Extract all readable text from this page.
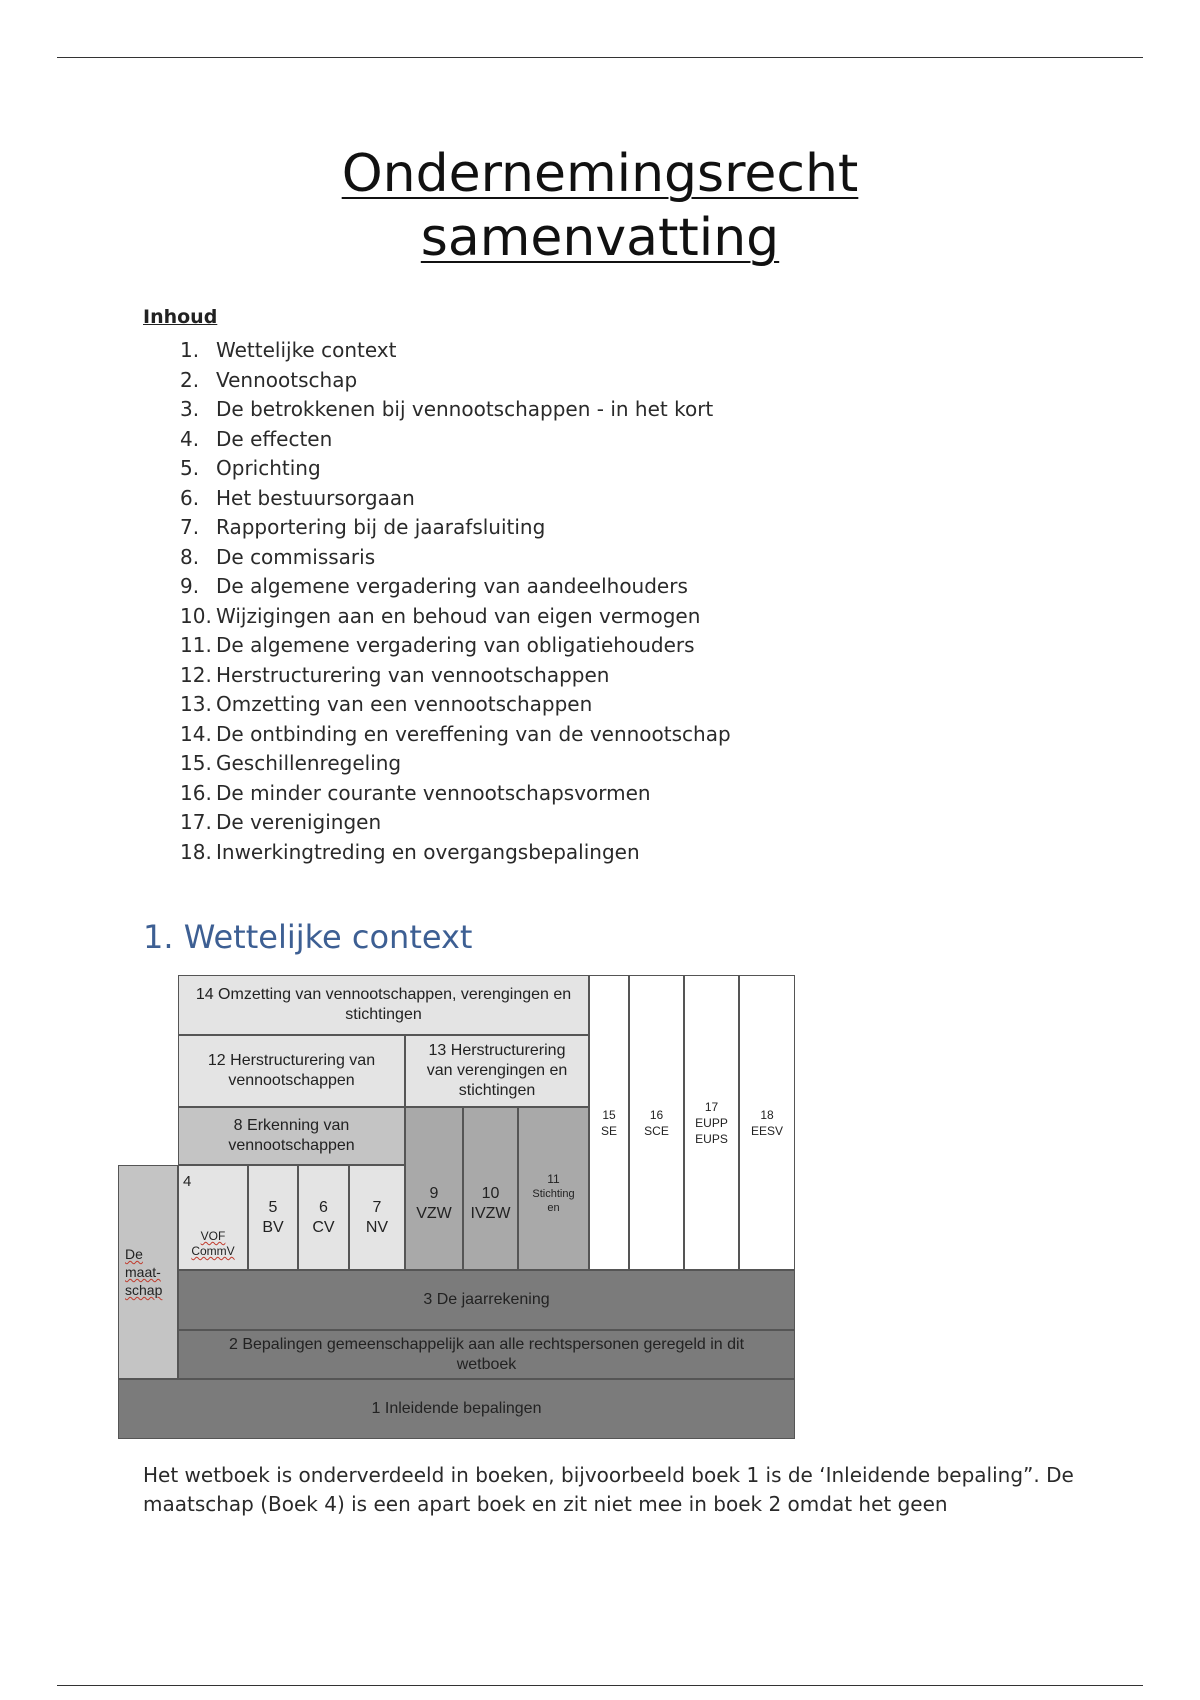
Ondernemingsrecht
samenvatting
Inhoud
1. Wettelijke context
2. Vennootschap
3. De betrokkenen bij vennootschappen - in het kort
4. De effecten
5. Oprichting
6. Het bestuursorgaan
7. Rapportering bij de jaarafsluiting
8. De commissaris
9. De algemene vergadering van aandeelhouders
10. Wijzigingen aan en behoud van eigen vermogen
11. De algemene vergadering van obligatiehouders
12. Herstructurering van vennootschappen
13. Omzetting van een vennootschappen
14. De ontbinding en vereffening van de vennootschap
15. Geschillenregeling
16. De minder courante vennootschapsvormen
17. De verenigingen
18. Inwerkingtreding en overgangsbepalingen
1. Wettelijke context
14 Omzetting van vennootschappen, verengingen en stichtingen
12 Herstructurering van vennootschappen
13 Herstructurering van verengingen en stichtingen
8 Erkenning van vennootschappen
9
VZW
10
IVZW
11
Stichting en
15
SE
16
SCE
17
EUPP EUPS
18
EESV
De maat- schap
4
VOF CommV
5
BV
6
CV
7
NV
3 De jaarrekening
2 Bepalingen gemeenschappelijk aan alle rechtspersonen geregeld in dit wetboek
1 Inleidende bepalingen

Het wetboek is onderverdeeld in boeken, bijvoorbeeld boek 1 is de ‘Inleidende bepaling”. De maatschap (Boek 4) is een apart boek en zit niet mee in boek 2 omdat het geen
